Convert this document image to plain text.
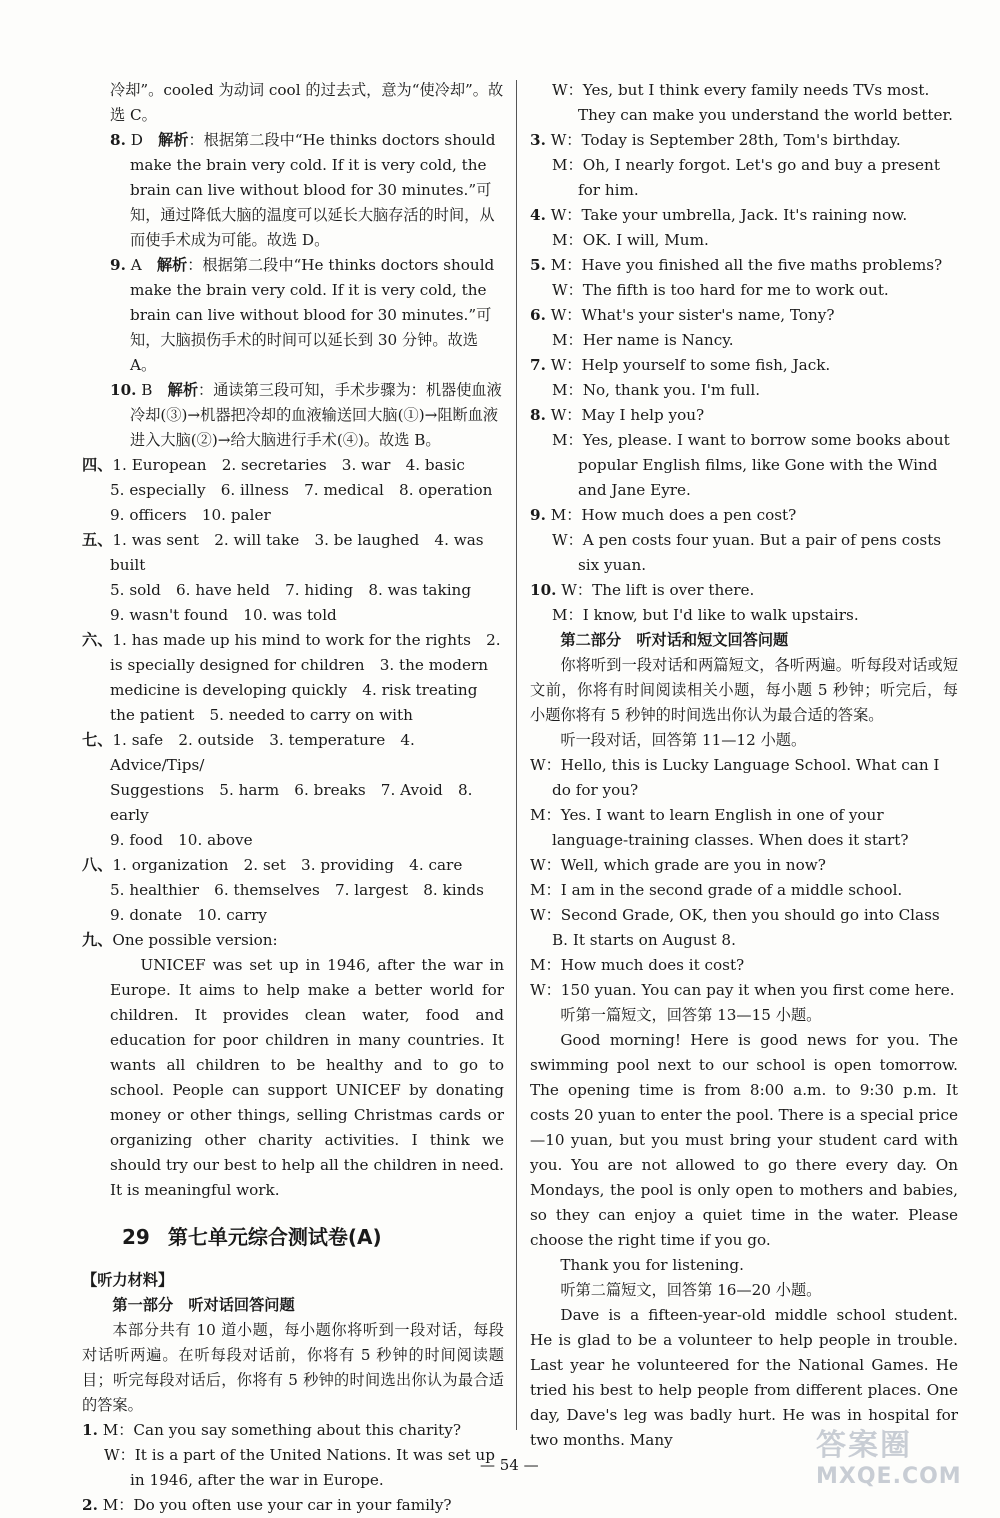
冷却”。cooled 为动词 cool 的过去式，意为“使冷却”。故选 C。

8. D　 解析：根据第二段中“He thinks doctors should make the brain very cold. If it is very cold, the brain can live without blood for 30 minutes.”可知，通过降低大脑的温度可以延长大脑存活的时间，从而使手术成为可能。故选 D。

9. A　 解析：根据第二段中“He thinks doctors should make the brain very cold. If it is very cold, the brain can live without blood for 30 minutes.”可知，大脑损伤手术的时间可以延长到 30 分钟。故选 A。

10. B　 解析：通读第三段可知，手术步骤为：机器使血液冷却(③)→机器把冷却的血液输送回大脑(①)→阻断血液进入大脑(②)→给大脑进行手术(④)。故选 B。

四、1. European　2. secretaries　3. war　4. basic
5. especially　6. illness　7. medical　8. operation
9. officers　10. paler
五、1. was sent　2. will take　3. be laughed　4. was built
5. sold　6. have held　7. hiding　8. was taking
9. wasn't found　10. was told
六、1. has made up his mind to work for the rights　2. is specially designed for children　3. the modern medicine is developing quickly　4. risk treating the patient　5. needed to carry on with
七、1. safe　2. outside　3. temperature　4. Advice/Tips/
Suggestions　5. harm　6. breaks　7. Avoid　8. early
9. food　10. above
八、1. organization　2. set　3. providing　4. care
5. healthier　6. themselves　7. largest　8. kinds
9. donate　10. carry
九、One possible version:

UNICEF was set up in 1946, after the war in Europe. It aims to help make a better world for children. It provides clean water, food and education for poor children in many countries. It wants all children to be healthy and to go to school. People can support UNICEF by donating money or other things, selling Christmas cards or organizing other charity activities. I think we should try our best to help all the children in need. It is meaningful work.

29 第七单元综合测试卷(A)

【听力材料】

第一部分　听对话回答问题

本部分共有 10 道小题，每小题你将听到一段对话，每段对话听两遍。在听每段对话前，你将有 5 秒钟的时间阅读题目；听完每段对话后，你将有 5 秒钟的时间选出你认为最合适的答案。

1. M：Can you say something about this charity?
W：It is a part of the United Nations. It was set up in 1946, after the war in Europe.
2. M：Do you often use your car in your family?
W：Yes, but I think every family needs TVs most. They can make you understand the world better.
3. W：Today is September 28th, Tom's birthday.
M：Oh, I nearly forgot. Let's go and buy a present for him.
4. W：Take your umbrella, Jack. It's raining now.
M：OK. I will, Mum.
5. M：Have you finished all the five maths problems?
W：The fifth is too hard for me to work out.
6. W：What's your sister's name, Tony?
M：Her name is Nancy.
7. W：Help yourself to some fish, Jack.
M：No, thank you. I'm full.
8. W：May I help you?
M：Yes, please. I want to borrow some books about popular English films, like Gone with the Wind and Jane Eyre.
9. M：How much does a pen cost?
W：A pen costs four yuan. But a pair of pens costs six yuan.
10. W：The lift is over there.
M：I know, but I'd like to walk upstairs.

第二部分　听对话和短文回答问题

你将听到一段对话和两篇短文，各听两遍。听每段对话或短文前，你将有时间阅读相关小题，每小题 5 秒钟；听完后，每小题你将有 5 秒钟的时间选出你认为最合适的答案。

听一段对话，回答第 11—12 小题。

W：Hello, this is Lucky Language School. What can I do for you?
M：Yes. I want to learn English in one of your language-training classes. When does it start?
W：Well, which grade are you in now?
M：I am in the second grade of a middle school.
W：Second Grade, OK, then you should go into Class B. It starts on August 8.
M：How much does it cost?
W：150 yuan. You can pay it when you first come here.

听第一篇短文，回答第 13—15 小题。

Good morning! Here is good news for you. The swimming pool next to our school is open tomorrow. The opening time is from 8:00 a.m. to 9:30 p.m. It costs 20 yuan to enter the pool. There is a special price—10 yuan, but you must bring your student card with you. You are not allowed to go there every day. On Mondays, the pool is only open to mothers and babies, so they can enjoy a quiet time in the water. Please choose the right time if you go.

Thank you for listening.

听第二篇短文，回答第 16—20 小题。

Dave is a fifteen-year-old middle school student. He is glad to be a volunteer to help people in trouble. Last year he volunteered for the National Games. He tried his best to help people from different places. One day, Dave's leg was badly hurt. He was in hospital for two months. Many

— 54 —
答案圈
MXQE.COM
